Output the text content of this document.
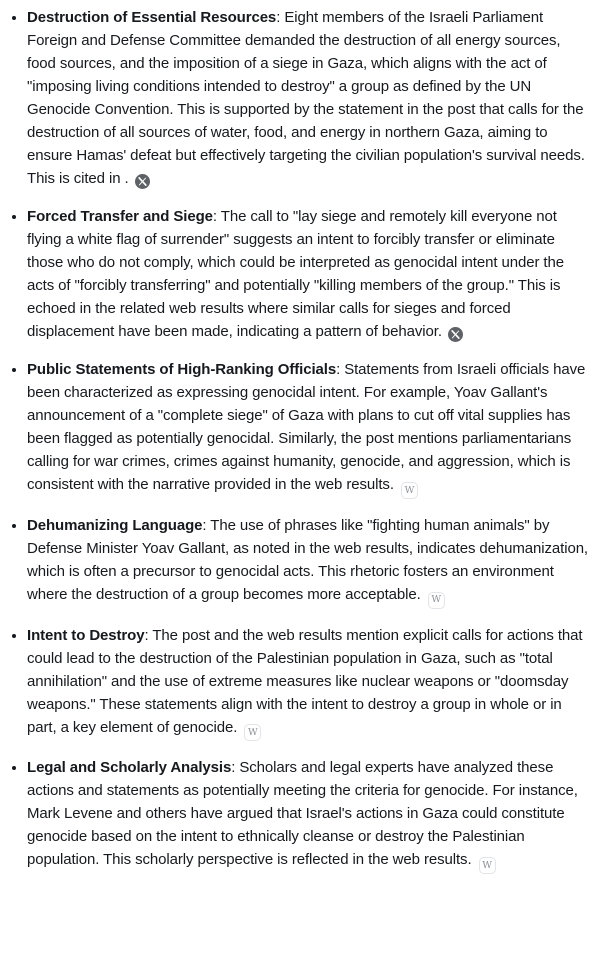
• Destruction of Essential Resources: Eight members of the Israeli Parliament Foreign and Defense Committee demanded the destruction of all energy sources, food sources, and the imposition of a siege in Gaza, which aligns with the act of "imposing living conditions intended to destroy" a group as defined by the UN Genocide Convention. This is supported by the statement in the post that calls for the destruction of all sources of water, food, and energy in northern Gaza, aiming to ensure Hamas' defeat but effectively targeting the civilian population's survival needs. This is cited in .
• Forced Transfer and Siege: The call to "lay siege and remotely kill everyone not flying a white flag of surrender" suggests an intent to forcibly transfer or eliminate those who do not comply, which could be interpreted as genocidal intent under the acts of "forcibly transferring" and potentially "killing members of the group." This is echoed in the related web results where similar calls for sieges and forced displacement have been made, indicating a pattern of behavior.
• Public Statements of High-Ranking Officials: Statements from Israeli officials have been characterized as expressing genocidal intent. For example, Yoav Gallant's announcement of a "complete siege" of Gaza with plans to cut off vital supplies has been flagged as potentially genocidal. Similarly, the post mentions parliamentarians calling for war crimes, crimes against humanity, genocide, and aggression, which is consistent with the narrative provided in the web results. W
• Dehumanizing Language: The use of phrases like "fighting human animals" by Defense Minister Yoav Gallant, as noted in the web results, indicates dehumanization, which is often a precursor to genocidal acts. This rhetoric fosters an environment where the destruction of a group becomes more acceptable. W
• Intent to Destroy: The post and the web results mention explicit calls for actions that could lead to the destruction of the Palestinian population in Gaza, such as "total annihilation" and the use of extreme measures like nuclear weapons or "doomsday weapons." These statements align with the intent to destroy a group in whole or in part, a key element of genocide. W
• Legal and Scholarly Analysis: Scholars and legal experts have analyzed these actions and statements as potentially meeting the criteria for genocide. For instance, Mark Levene and others have argued that Israel's actions in Gaza could constitute genocide based on the intent to ethnically cleanse or destroy the Palestinian population. This scholarly perspective is reflected in the web results. W
